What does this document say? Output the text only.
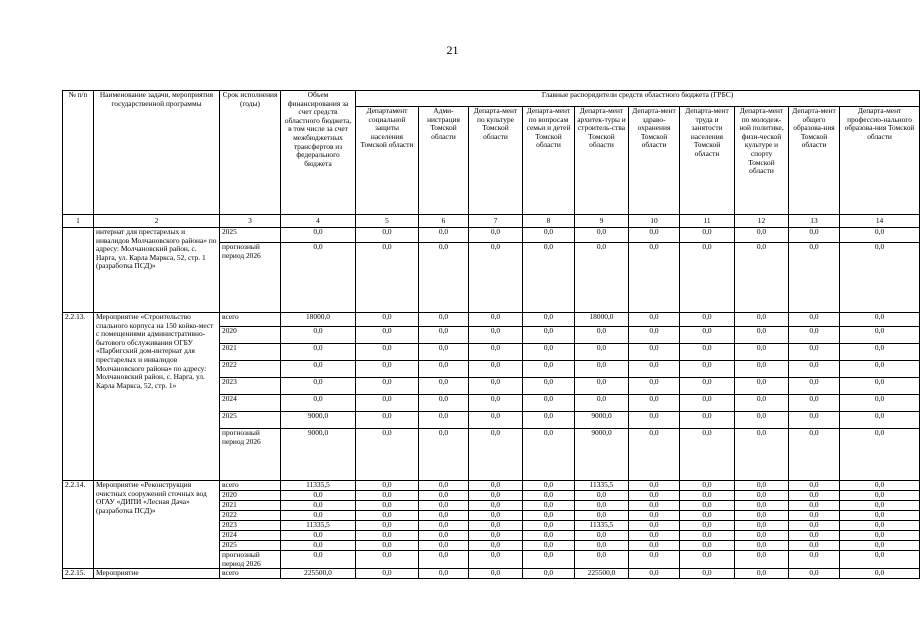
21
№ п/п	Наименование задачи, мероприятия государственной программы	Срок исполнения (годы)	Объем финансирования за счет средств областного бюджета, в том числе за счет межбюджетных трансфертов из федерального бюджета	Главные распорядители средств областного бюджета (ГРБС)									
				Департамент социальной защиты населения Томской области	Адми-нистрация Томской области	Департа-мент по культуре Томской области	Департа-мент по вопросам семьи и детей Томской области	Департа-мент архитек-туры и строитель-ства Томской области	Департа-мент здраво-охранения Томской области	Департа-мент труда и занятости населения Томской области	Департа-мент по молодеж-ной политике, физи-ческой культуре и спорту Томской области	Департа-мент общего образова-ния Томской области	Департа-мент профессио-нального образова-ния Томской области
1	2	3	4	5	6	7	8	9	10	11	12	13	14
	интернат для престарелых и инвалидов Молчановского района» по адресу: Молчановский район, с. Нарга, ул. Карла Маркса, 52, стр. 1 (разработка ПСД)»	2025	0,0	0,0	0,0	0,0	0,0	0,0	0,0	0,0	0,0	0,0	0,0
		прогнозный период 2026	0,0	0,0	0,0	0,0	0,0	0,0	0,0	0,0	0,0	0,0	0,0
2.2.13.	Мероприятие «Строительство спального корпуса на 150 койко-мест с помещениями административно-бытового обслуживания ОГБУ «Парбигский дом-интернат для престарелых и инвалидов Молчановского района» по адресу: Молчановский район, с. Нарга, ул. Карла Маркса, 52, стр. 1»	всего	18000,0	0,0	0,0	0,0	0,0	18000,0	0,0	0,0	0,0	0,0	0,0
		2020	0,0	0,0	0,0	0,0	0,0	0,0	0,0	0,0	0,0	0,0	0,0
		2021	0,0	0,0	0,0	0,0	0,0	0,0	0,0	0,0	0,0	0,0	0,0
		2022	0,0	0,0	0,0	0,0	0,0	0,0	0,0	0,0	0,0	0,0	0,0
		2023	0,0	0,0	0,0	0,0	0,0	0,0	0,0	0,0	0,0	0,0	0,0
		2024	0,0	0,0	0,0	0,0	0,0	0,0	0,0	0,0	0,0	0,0	0,0
		2025	9000,0	0,0	0,0	0,0	0,0	9000,0	0,0	0,0	0,0	0,0	0,0
		прогнозный период 2026	9000,0	0,0	0,0	0,0	0,0	9000,0	0,0	0,0	0,0	0,0	0,0
2.2.14.	Мероприятие «Реконструкция очистных сооружений сточных вод ОГАУ «ДИПИ «Лесная Дача» (разработка ПСД)»	всего	11335,5	0,0	0,0	0,0	0,0	11335,5	0,0	0,0	0,0	0,0	0,0
		2020	0,0	0,0	0,0	0,0	0,0	0,0	0,0	0,0	0,0	0,0	0,0
		2021	0,0	0,0	0,0	0,0	0,0	0,0	0,0	0,0	0,0	0,0	0,0
		2022	0,0	0,0	0,0	0,0	0,0	0,0	0,0	0,0	0,0	0,0	0,0
		2023	11335,5	0,0	0,0	0,0	0,0	11335,5	0,0	0,0	0,0	0,0	0,0
		2024	0,0	0,0	0,0	0,0	0,0	0,0	0,0	0,0	0,0	0,0	0,0
		2025	0,0	0,0	0,0	0,0	0,0	0,0	0,0	0,0	0,0	0,0	0,0
		прогнозный период 2026	0,0	0,0	0,0	0,0	0,0	0,0	0,0	0,0	0,0	0,0	0,0
2.2.15.	Мероприятие	всего	225500,0	0,0	0,0	0,0	0,0	225500,0	0,0	0,0	0,0	0,0	0,0
